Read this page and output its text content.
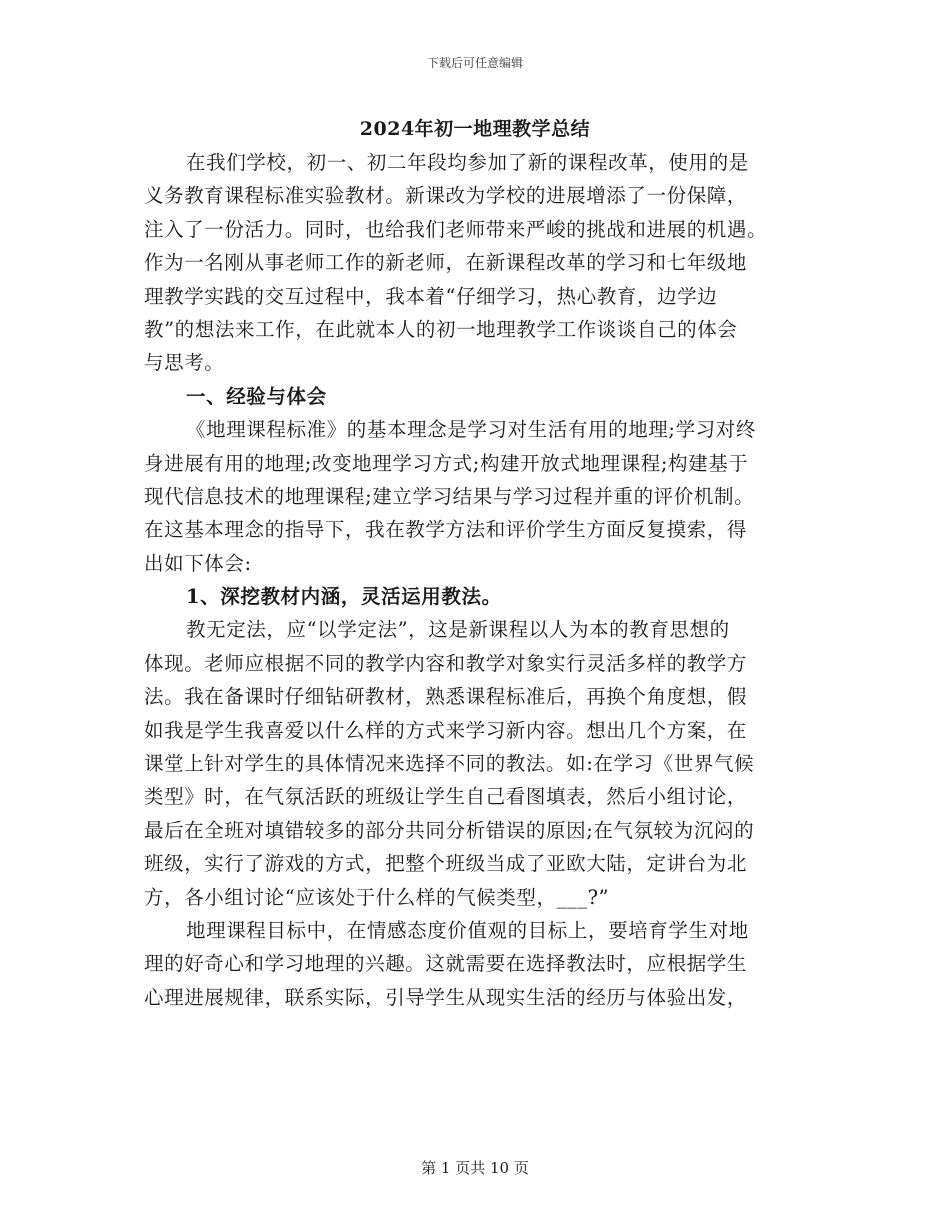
下载后可任意编辑
2024年初一地理教学总结
在我们学校，初一、初二年段均参加了新的课程改革，使用的是
义务教育课程标准实验教材。新课改为学校的进展增添了一份保障，
注入了一份活力。同时，也给我们老师带来严峻的挑战和进展的机遇。
作为一名刚从事老师工作的新老师，在新课程改革的学习和七年级地
理教学实践的交互过程中，我本着“仔细学习，热心教育，边学边
教”的想法来工作，在此就本人的初一地理教学工作谈谈自己的体会
与思考。
一、经验与体会
《地理课程标准》的基本理念是学习对生活有用的地理;学习对终
身进展有用的地理;改变地理学习方式;构建开放式地理课程;构建基于
现代信息技术的地理课程;建立学习结果与学习过程并重的评价机制。
在这基本理念的指导下，我在教学方法和评价学生方面反复摸索，得
出如下体会:
1、深挖教材内涵，灵活运用教法。
教无定法，应“以学定法”，这是新课程以人为本的教育思想的
体现。老师应根据不同的教学内容和教学对象实行灵活多样的教学方
法。我在备课时仔细钻研教材，熟悉课程标准后，再换个角度想，假
如我是学生我喜爱以什么样的方式来学习新内容。想出几个方案，在
课堂上针对学生的具体情况来选择不同的教法。如:在学习《世界气候
类型》时，在气氛活跃的班级让学生自己看图填表，然后小组讨论，
最后在全班对填错较多的部分共同分析错误的原因;在气氛较为沉闷的
班级，实行了游戏的方式，把整个班级当成了亚欧大陆，定讲台为北
方，各小组讨论“应该处于什么样的气候类型，___?”
地理课程目标中，在情感态度价值观的目标上，要培育学生对地
理的好奇心和学习地理的兴趣。这就需要在选择教法时，应根据学生
心理进展规律，联系实际，引导学生从现实生活的经历与体验出发，
第 1 页共 10 页
